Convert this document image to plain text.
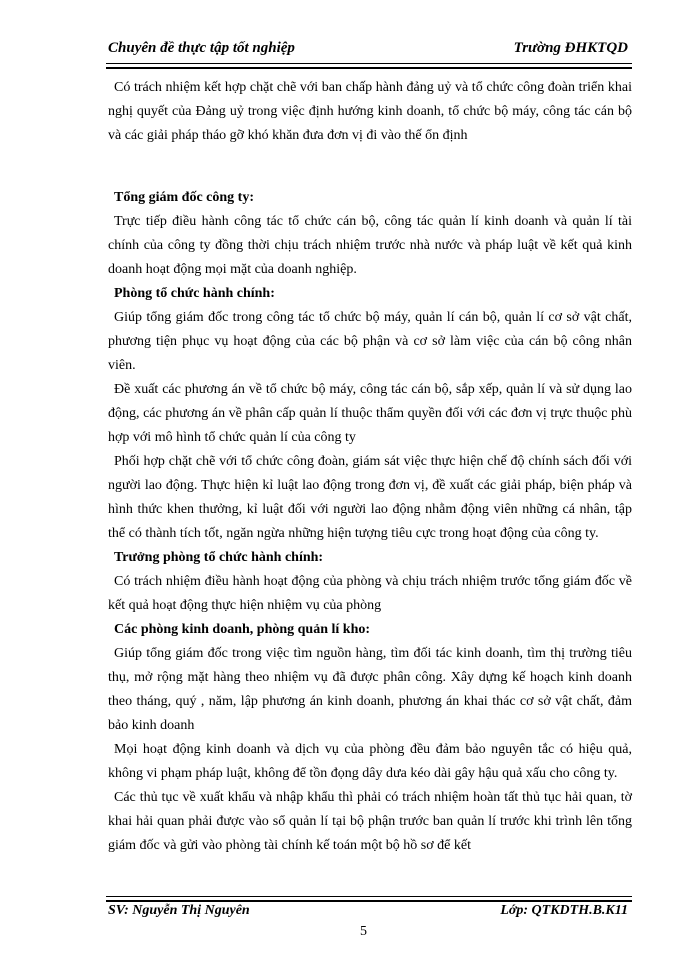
Chuyên đề thực tập tốt nghiệp	Trường ĐHKTQD

Có trách nhiệm kết hợp chặt chẽ với ban chấp hành đảng uỷ và tổ chức công đoàn triển khai nghị quyết của Đảng uỷ trong việc định hướng kinh doanh, tổ chức bộ máy, công tác cán bộ và các giải pháp tháo gỡ khó khăn đưa đơn vị đi vào thế ổn định

Tổng giám đốc công ty:

Trực tiếp điều hành công tác tổ chức cán bộ, công tác quản lí kinh doanh và quản lí tài chính của công ty đồng thời chịu trách nhiệm trước nhà nước và pháp luật về kết quả kinh doanh hoạt động mọi mặt của doanh nghiệp.

Phòng tổ chức hành chính:

Giúp tổng giám đốc trong công tác tổ chức bộ máy, quản lí cán bộ, quản lí cơ sở vật chất, phương tiện phục vụ hoạt động của các bộ phận và cơ sở làm việc của cán bộ công nhân viên.

Đề xuất các phương án về tổ chức bộ máy, công tác cán bộ, sắp xếp, quản lí và sử dụng lao động, các phương án về phân cấp quản lí thuộc thẩm quyền đối với các đơn vị trực thuộc phù hợp với mô hình tổ chức quản lí của công ty

Phối hợp chặt chẽ với tổ chức công đoàn, giám sát việc thực hiện chế độ chính sách đối với người lao động. Thực hiện kỉ luật lao động trong đơn vị, đề xuất các giải pháp, biện pháp và hình thức khen thưởng, kỉ luật đối với người lao động nhằm động viên những cá nhân, tập thể có thành tích tốt, ngăn ngừa những hiện tượng tiêu cực trong hoạt động của công ty.

Trưởng phòng tổ chức hành chính:

Có trách nhiệm điều hành hoạt động của phòng và chịu trách nhiệm trước tổng giám đốc về kết quả hoạt động thực hiện nhiệm vụ của phòng

Các phòng kinh doanh, phòng quản lí kho:

Giúp tổng giám đốc trong việc tìm nguồn hàng, tìm đối tác kinh doanh, tìm thị trường tiêu thụ, mở rộng mặt hàng theo nhiệm vụ đã được phân công. Xây dựng kế hoạch kinh doanh theo tháng, quý , năm, lập phương án kinh doanh, phương án khai thác cơ sở vật chất, đảm bảo kinh doanh

Mọi hoạt động kinh doanh và dịch vụ của phòng đều đảm bảo nguyên tắc có hiệu quả, không vi phạm pháp luật, không để tồn đọng dây dưa kéo dài gây hậu quả xấu cho công ty.

Các thủ tục về xuất khẩu và nhập khẩu thì phải có trách nhiệm hoàn tất thủ tục hải quan, tờ khai hải quan phải được vào sổ quản lí tại bộ phận trước ban quản lí trước khi trình lên tổng giám đốc và gửi vào phòng tài chính kế toán một bộ hồ sơ để kết

SV: Nguyễn Thị Nguyên	Lớp: QTKDTH.B.K11
5
